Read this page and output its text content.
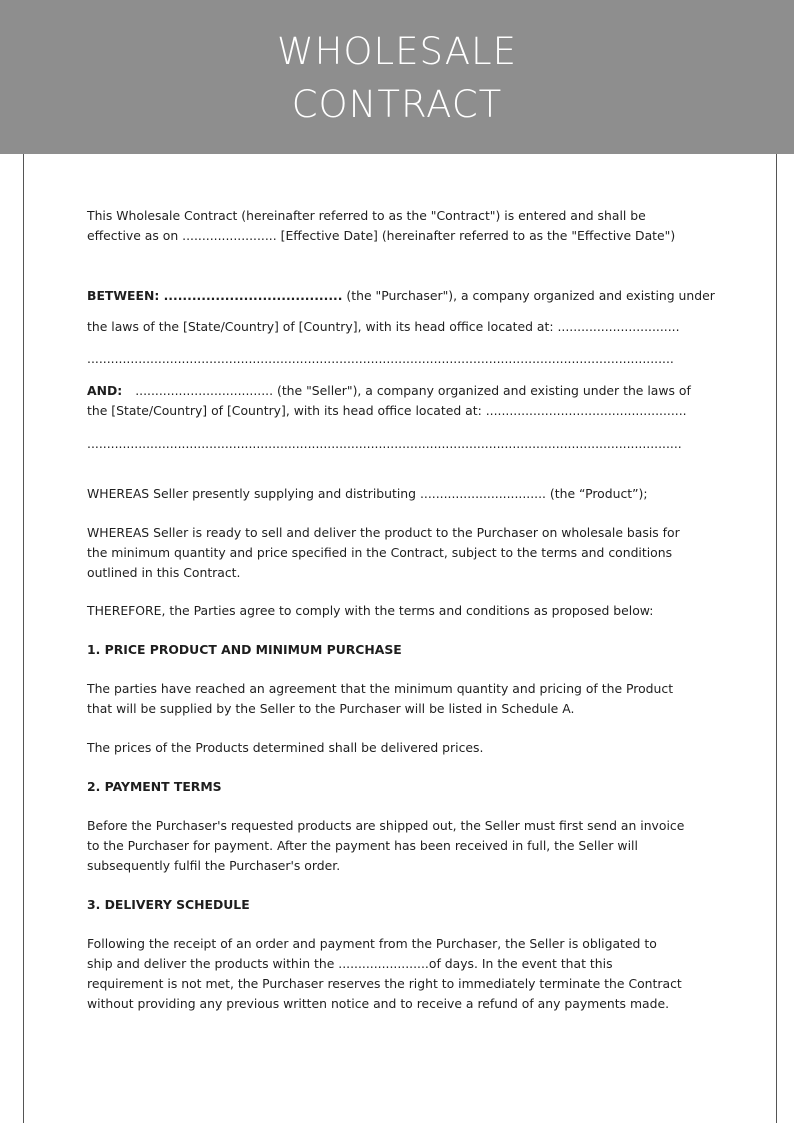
WHOLESALE
CONTRACT
This Wholesale Contract (hereinafter referred to as the "Contract") is entered and shall be
effective as on ........................ [Effective Date] (hereinafter referred to as the "Effective Date")
BETWEEN: ...................................... (the "Purchaser"), a company organized and existing under
the laws of the [State/Country] of [Country], with its head office located at: ...............................
.....................................................................................................................................................
AND: ................................... (the "Seller"), a company organized and existing under the laws of
the [State/Country] of [Country], with its head office located at: ...................................................
.......................................................................................................................................................
WHEREAS Seller presently supplying and distributing ................................ (the “Product”);
WHEREAS Seller is ready to sell and deliver the product to the Purchaser on wholesale basis for
the minimum quantity and price specified in the Contract, subject to the terms and conditions
outlined in this Contract.
THEREFORE, the Parties agree to comply with the terms and conditions as proposed below:
1. PRICE PRODUCT AND MINIMUM PURCHASE
The parties have reached an agreement that the minimum quantity and pricing of the Product
that will be supplied by the Seller to the Purchaser will be listed in Schedule A.
The prices of the Products determined shall be delivered prices.
2. PAYMENT TERMS
Before the Purchaser's requested products are shipped out, the Seller must first send an invoice
to the Purchaser for payment. After the payment has been received in full, the Seller will
subsequently fulfil the Purchaser's order.
3. DELIVERY SCHEDULE
Following the receipt of an order and payment from the Purchaser, the Seller is obligated to
ship and deliver the products within the .......................of days. In the event that this
requirement is not met, the Purchaser reserves the right to immediately terminate the Contract
without providing any previous written notice and to receive a refund of any payments made.
